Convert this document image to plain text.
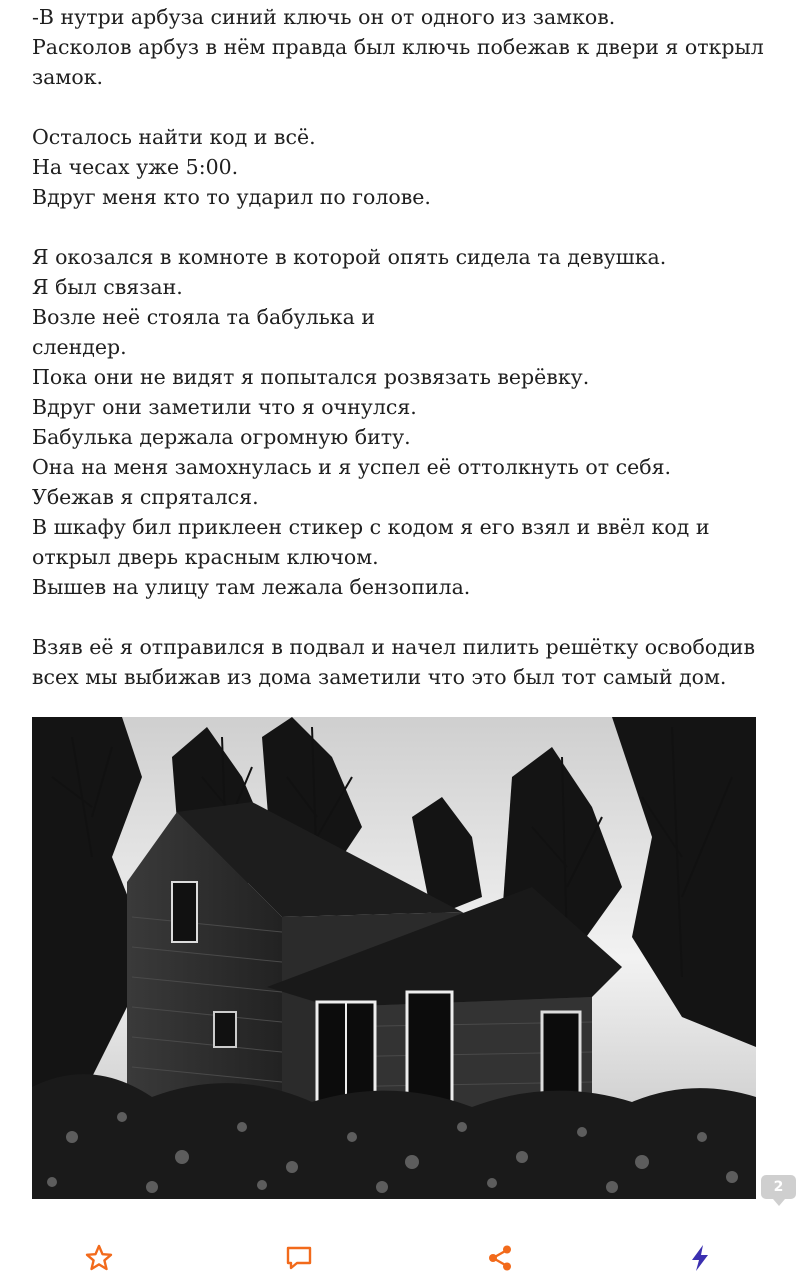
-В нутри арбуза синий ключь он от одного из замков.
Расколов арбуз в нём правда был ключь побежав к двери я открыл
замок.

Осталось найти код и всё.
На чесах уже 5:00.
Вдруг меня кто то ударил по голове.

Я окозался в комноте в которой опять сидела та девушка.
Я был связан.
Возле неё стояла та бабулька и
слендер.
Пока они не видят я попытался розвязать верёвку.
Вдруг они заметили что я очнулся.
Бабулька держала огромную биту.
Она на меня замохнулась и я успел её оттолкнуть от себя.
Убежав я спрятался.
В шкафу бил приклеен стикер с кодом я его взял и ввёл код и
открыл дверь красным ключом.
Вышев на улицу там лежала бензопила.

Взяв её я отправился в подвал и начел пилить решётку освободив
всех мы выбижав из дома заметили что это был тот самый дом.

2
